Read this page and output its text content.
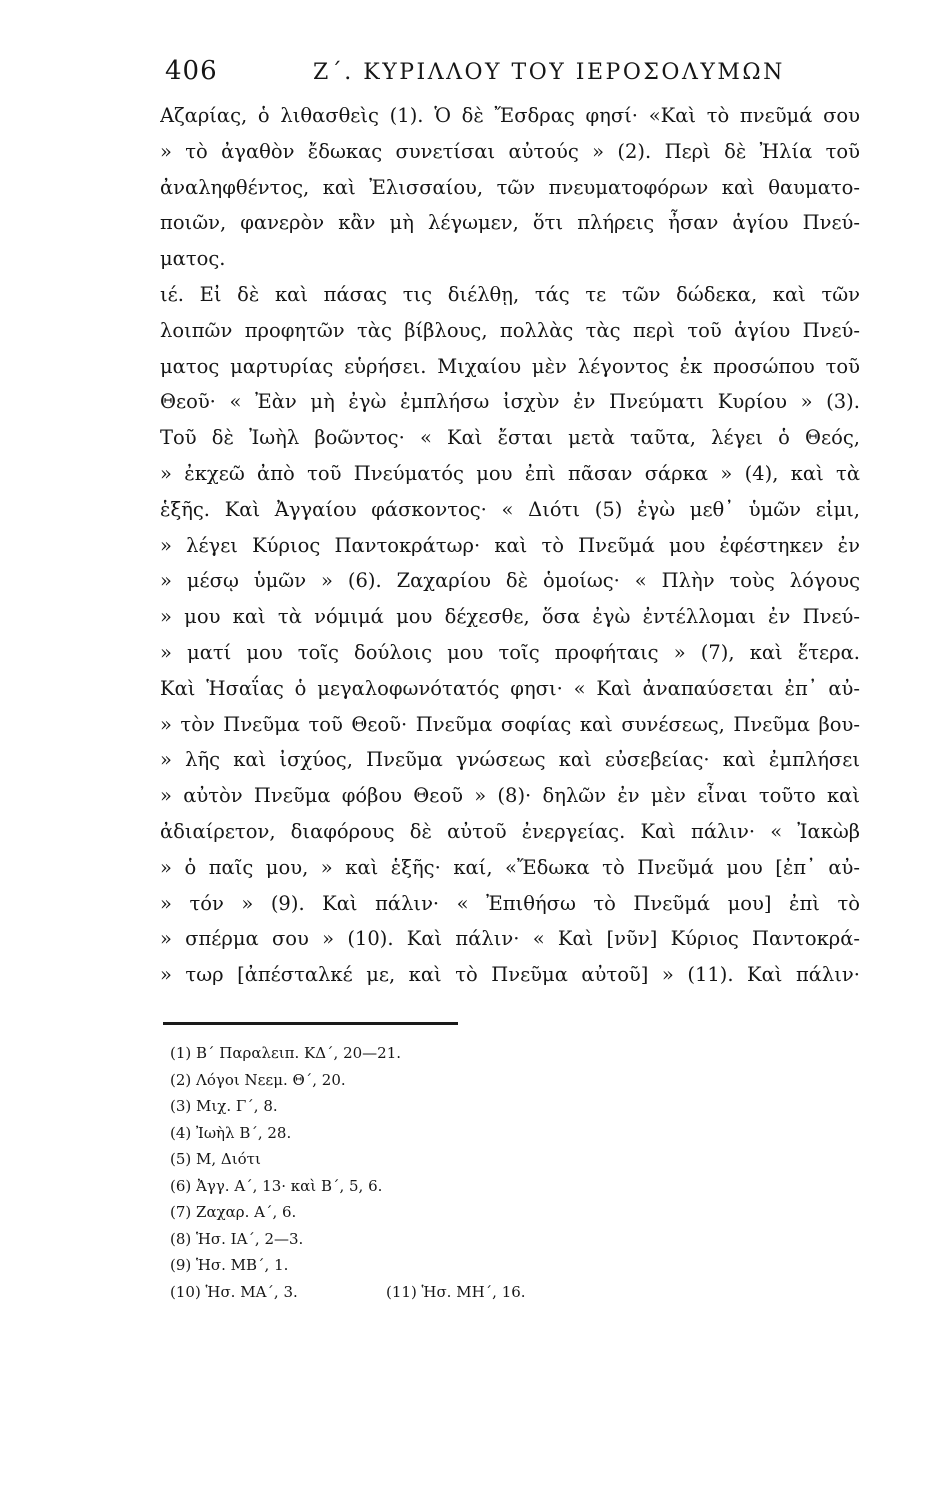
406	Ζ΄. ΚΥΡΙΛΛΟΥ ΤΟΥ ΙΕΡΟΣΟΛΥΜΩΝ
Αζαρίας, ὁ λιθασθεὶς (1). Ὁ δὲ Ἔσδρας φησί· «Καὶ τὸ πνεῦμά σου
» τὸ ἀγαθὸν ἔδωκας συνετίσαι αὐτούς » (2). Περὶ δὲ Ἠλία τοῦ
ἀναληφθέντος, καὶ Ἐλισσαίου, τῶν πνευματοφόρων καὶ θαυματο-
ποιῶν, φανερὸν κἂν μὴ λέγωμεν, ὅτι πλήρεις ἦσαν ἁγίου Πνεύ-
ματος.
ιέ. Εἰ δὲ καὶ πάσας τις διέλθῃ, τάς τε τῶν δώδεκα, καὶ τῶν
λοιπῶν προφητῶν τὰς βίβλους, πολλὰς τὰς περὶ τοῦ ἁγίου Πνεύ-
ματος μαρτυρίας εὑρήσει. Μιχαίου μὲν λέγοντος ἐκ προσώπου τοῦ
Θεοῦ· « Ἐὰν μὴ ἐγὼ ἐμπλήσω ἰσχὺν ἐν Πνεύματι Κυρίου » (3).
Τοῦ δὲ Ἰωὴλ βοῶντος· « Καὶ ἔσται μετὰ ταῦτα, λέγει ὁ Θεός,
» ἐκχεῶ ἀπὸ τοῦ Πνεύματός μου ἐπὶ πᾶσαν σάρκα » (4), καὶ τὰ
ἑξῆς. Καὶ Ἀγγαίου φάσκοντος· « Διότι (5) ἐγὼ μεθ᾽ ὑμῶν εἰμι,
» λέγει Κύριος Παντοκράτωρ· καὶ τὸ Πνεῦμά μου ἐφέστηκεν ἐν
» μέσῳ ὑμῶν » (6). Ζαχαρίου δὲ ὁμοίως· « Πλὴν τοὺς λόγους
» μου καὶ τὰ νόμιμά μου δέχεσθε, ὅσα ἐγὼ ἐντέλλομαι ἐν Πνεύ-
» ματί μου τοῖς δούλοις μου τοῖς προφήταις » (7), καὶ ἕτερα.
Καὶ Ἡσαΐας ὁ μεγαλοφωνότατός φησι· « Καὶ ἀναπαύσεται ἐπ᾽ αὐ-
» τὸν Πνεῦμα τοῦ Θεοῦ· Πνεῦμα σοφίας καὶ συνέσεως, Πνεῦμα βου-
» λῆς καὶ ἰσχύος, Πνεῦμα γνώσεως καὶ εὐσεβείας· καὶ ἐμπλήσει
» αὐτὸν Πνεῦμα φόβου Θεοῦ » (8)· δηλῶν ἐν μὲν εἶναι τοῦτο καὶ
ἀδιαίρετον, διαφόρους δὲ αὐτοῦ ἐνεργείας. Καὶ πάλιν· « Ἰακὼβ
» ὁ παῖς μου, » καὶ ἑξῆς· καί, «Ἔδωκα τὸ Πνεῦμά μου [ἐπ᾽ αὐ-
» τόν » (9). Καὶ πάλιν· « Ἐπιθήσω τὸ Πνεῦμά μου] ἐπὶ τὸ
» σπέρμα σου » (10). Καὶ πάλιν· « Καὶ [νῦν] Κύριος Παντοκρά-
» τωρ [ἀπέσταλκέ με, καὶ τὸ Πνεῦμα αὐτοῦ] » (11). Καὶ πάλιν·
(1) Β΄ Παραλειπ. ΚΔ΄, 20—21.
(2) Λόγοι Νεεμ. Θ΄, 20.
(3) Μιχ. Γ΄, 8.
(4) Ἰωὴλ Β΄, 28.
(5) Μ, Διότι
(6) Ἀγγ. Α΄, 13· καὶ Β΄, 5, 6.
(7) Ζαχαρ. Α΄, 6.
(8) Ἡσ. ΙΑ΄, 2—3.
(9) Ἡσ. ΜΒ΄, 1.
(10) Ἡσ. ΜΑ΄, 3.	(11) Ἡσ. ΜΗ΄, 16.
